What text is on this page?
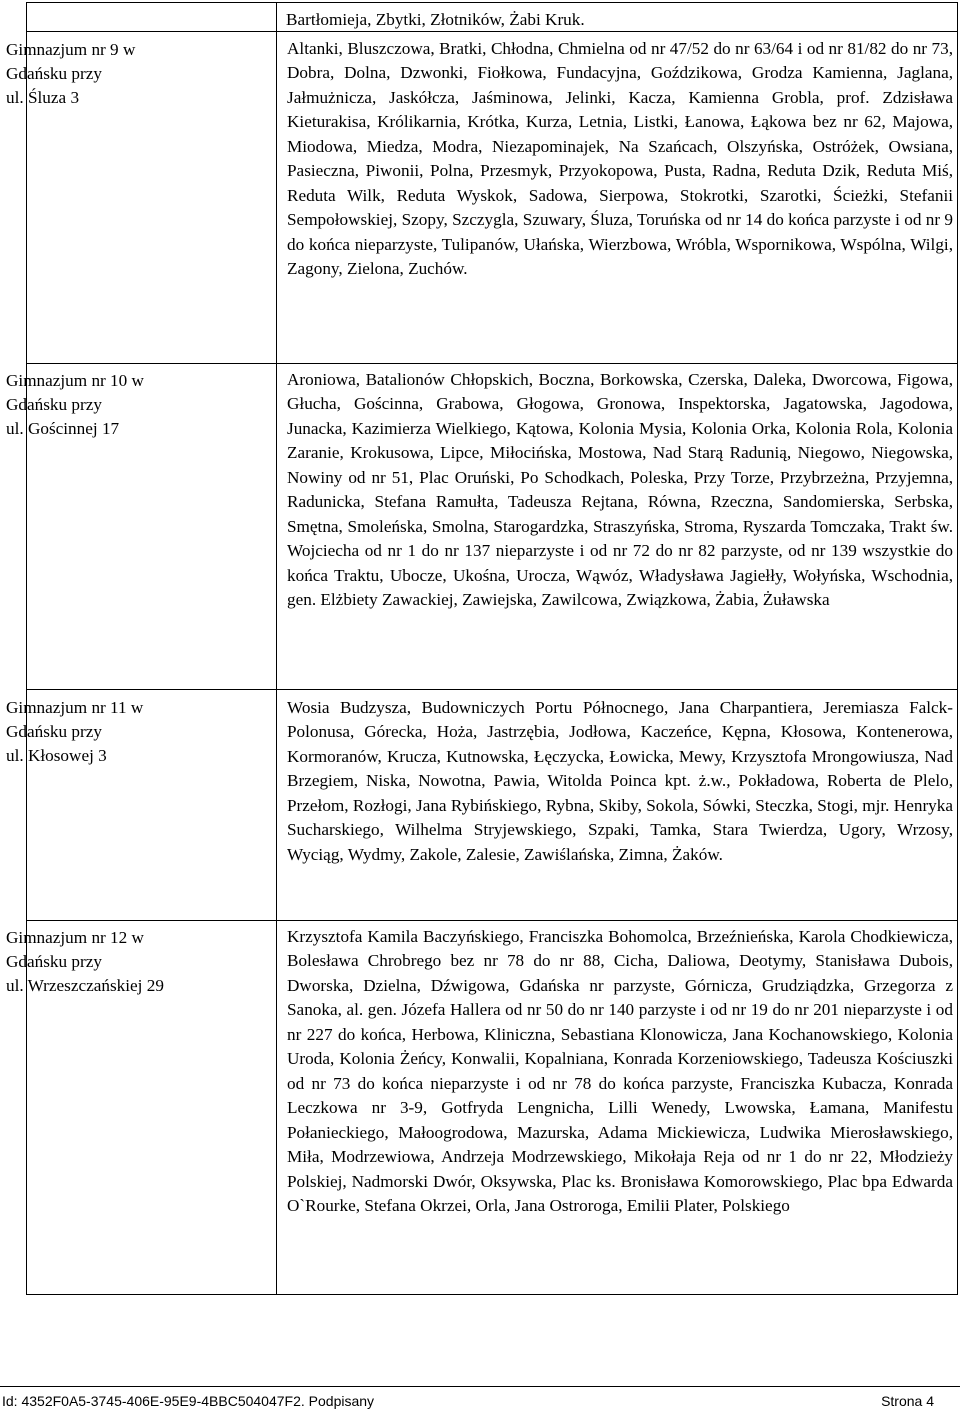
Bartłomieja, Zbytki, Złotników, Żabi Kruk.
Gimnazjum nr 9 w
Gdańsku przy
ul. Śluza 3
Altanki, Bluszczowa, Bratki, Chłodna, Chmielna od nr 47/52 do nr 63/64 i od nr 81/82 do nr 73, Dobra, Dolna, Dzwonki, Fiołkowa, Fundacyjna, Goździkowa, Grodza Kamienna, Jaglana, Jałmużnicza, Jaskółcza, Jaśminowa, Jelinki, Kacza, Kamienna Grobla, prof. Zdzisława Kieturakisa, Królikarnia, Krótka, Kurza, Letnia, Listki, Łanowa, Łąkowa bez nr 62, Majowa, Miodowa, Miedza, Modra, Niezapominajek, Na Szańcach, Olszyńska, Ostróżek, Owsiana, Pasieczna, Piwonii, Polna, Przesmyk, Przyokopowa, Pusta, Radna, Reduta Dzik, Reduta Miś, Reduta Wilk, Reduta Wyskok, Sadowa, Sierpowa, Stokrotki, Szarotki, Ścieżki, Stefanii Sempołowskiej, Szopy, Szczygla, Szuwary, Śluza, Toruńska od nr 14 do końca parzyste i od nr 9 do końca nieparzyste, Tulipanów, Ułańska, Wierzbowa, Wróbla, Wspornikowa, Wspólna, Wilgi, Zagony, Zielona, Zuchów.
Gimnazjum nr 10 w
Gdańsku przy
ul. Gościnnej 17
Aroniowa, Batalionów Chłopskich, Boczna, Borkowska, Czerska, Daleka, Dworcowa, Figowa, Głucha, Gościnna, Grabowa, Głogowa, Gronowa, Inspektorska, Jagatowska, Jagodowa, Junacka, Kazimierza Wielkiego, Kątowa, Kolonia Mysia, Kolonia Orka, Kolonia Rola, Kolonia Zaranie, Krokusowa, Lipce, Miłocińska, Mostowa, Nad Starą Radunią, Niegowo, Niegowska, Nowiny od nr 51, Plac Oruński, Po Schodkach, Poleska, Przy Torze, Przybrzeżna, Przyjemna, Radunicka, Stefana Ramułta, Tadeusza Rejtana, Równa, Rzeczna, Sandomierska, Serbska, Smętna, Smoleńska, Smolna, Starogardzka, Straszyńska, Stroma, Ryszarda Tomczaka, Trakt św. Wojciecha od nr 1 do nr 137 nieparzyste i od nr 72 do nr 82 parzyste, od nr 139 wszystkie do końca Traktu, Ubocze, Ukośna, Urocza, Wąwóz, Władysława Jagiełły, Wołyńska, Wschodnia, gen. Elżbiety Zawackiej, Zawiejska, Zawilcowa, Związkowa, Żabia, Żuławska
Gimnazjum nr 11 w
Gdańsku przy
ul. Kłosowej 3
Wosia Budzysza, Budowniczych Portu Północnego, Jana Charpantiera, Jeremiasza Falck-Polonusa, Górecka, Hoża, Jastrzębia, Jodłowa, Kaczeńce, Kępna, Kłosowa, Kontenerowa, Kormoranów, Krucza, Kutnowska, Łęczycka, Łowicka, Mewy, Krzysztofa Mrongowiusza, Nad Brzegiem, Niska, Nowotna, Pawia, Witolda Poinca kpt. ż.w., Pokładowa, Roberta de Plelo, Przełom, Rozłogi, Jana Rybińskiego, Rybna, Skiby, Sokola, Sówki, Steczka, Stogi, mjr. Henryka Sucharskiego, Wilhelma Stryjewskiego, Szpaki, Tamka, Stara Twierdza, Ugory, Wrzosy, Wyciąg, Wydmy, Zakole, Zalesie, Zawiślańska, Zimna, Żaków.
Gimnazjum nr 12 w
Gdańsku przy
ul. Wrzeszczańskiej 29
Krzysztofa Kamila Baczyńskiego, Franciszka Bohomolca, Brzeźnieńska, Karola Chodkiewicza, Bolesława Chrobrego bez nr 78 do nr 88, Cicha, Daliowa, Deotymy, Stanisława Dubois, Dworska, Dzielna, Dźwigowa, Gdańska nr parzyste, Górnicza, Grudziądzka, Grzegorza z Sanoka, al. gen. Józefa Hallera od nr 50 do nr 140 parzyste i od nr 19 do nr 201 nieparzyste i od nr 227 do końca, Herbowa, Kliniczna, Sebastiana Klonowicza, Jana Kochanowskiego, Kolonia Uroda, Kolonia Żeńcy, Konwalii, Kopalniana, Konrada Korzeniowskiego, Tadeusza Kościuszki od nr 73 do końca nieparzyste i od nr 78 do końca parzyste, Franciszka Kubacza, Konrada Leczkowa nr 3-9, Gotfryda Lengnicha, Lilli Wenedy, Lwowska, Łamana, Manifestu Połanieckiego, Małoogrodowa, Mazurska, Adama Mickiewicza, Ludwika Mierosławskiego, Miła, Modrzewiowa, Andrzeja Modrzewskiego, Mikołaja Reja od nr 1 do nr 22, Młodzieży Polskiej, Nadmorski Dwór, Oksywska, Plac ks. Bronisława Komorowskiego, Plac bpa Edwarda O`Rourke, Stefana Okrzei, Orla, Jana Ostroroga, Emilii Plater, Polskiego
Id: 4352F0A5-3745-406E-95E9-4BBC504047F2. Podpisany	Strona 4
